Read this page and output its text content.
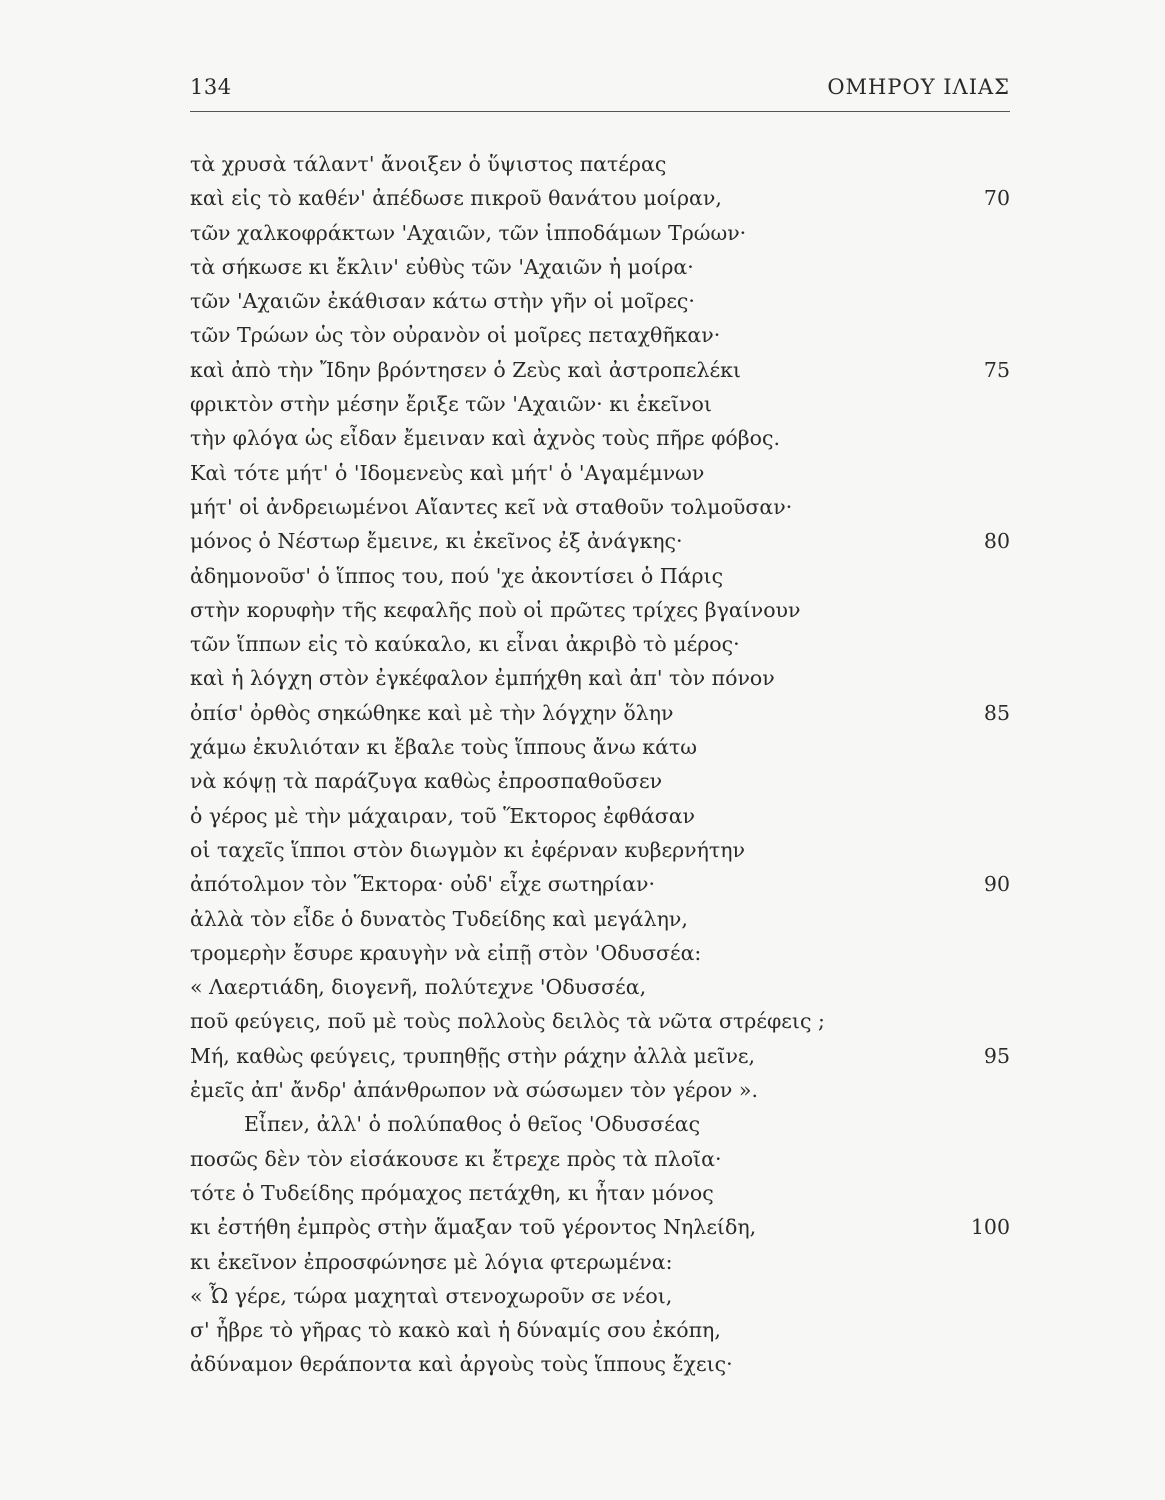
134	ΟΜΗΡΟΥ ΙΛΙΑΣ
τὰ χρυσὰ τάλαντ' ἄνοιξεν ὁ ὕψιστος πατέρας
καὶ εἰς τὸ καθέν' ἀπέδωσε πικροῦ θανάτου μοίραν,	70
τῶν χαλκοφράκτων 'Αχαιῶν, τῶν ἱπποδάμων Τρώων·
τὰ σήκωσε κι ἔκλιν' εὐθὺς τῶν 'Αχαιῶν ἡ μοίρα·
τῶν 'Αχαιῶν ἐκάθισαν κάτω στὴν γῆν οἱ μοῖρες·
τῶν Τρώων ὡς τὸν οὐρανὸν οἱ μοῖρες πεταχθῆκαν·
καὶ ἀπὸ τὴν Ἴδην βρόντησεν ὁ Ζεὺς καὶ ἀστροπελέκι	75
φρικτὸν στὴν μέσην ἔριξε τῶν 'Αχαιῶν· κι ἐκεῖνοι
τὴν φλόγα ὡς εἶδαν ἔμειναν καὶ ἀχνὸς τοὺς πῆρε φόβος.
Καὶ τότε μήτ' ὁ 'Ιδομενεὺς καὶ μήτ' ὁ 'Αγαμέμνων
μήτ' οἱ ἀνδρειωμένοι Αἴαντες κεῖ νὰ σταθοῦν τολμοῦσαν·
μόνος ὁ Νέστωρ ἔμεινε, κι ἐκεῖνος ἐξ ἀνάγκης·	80
ἀδημονοῦσ' ὁ ἵππος του, πού 'χε ἀκοντίσει ὁ Πάρις
στὴν κορυφὴν τῆς κεφαλῆς ποὺ οἱ πρῶτες τρίχες βγαίνουν
τῶν ἵππων εἰς τὸ καύκαλο, κι εἶναι ἀκριβὸ τὸ μέρος·
καὶ ἡ λόγχη στὸν ἐγκέφαλον ἐμπήχθη καὶ ἀπ' τὸν πόνον
ὀπίσ' ὀρθὸς σηκώθηκε καὶ μὲ τὴν λόγχην ὅλην	85
χάμω ἐκυλιόταν κι ἔβαλε τοὺς ἵππους ἄνω κάτω
νὰ κόψῃ τὰ παράζυγα καθὼς ἐπροσπαθοῦσεν
ὁ γέρος μὲ τὴν μάχαιραν, τοῦ Ἕκτορος ἐφθάσαν
οἱ ταχεῖς ἵπποι στὸν διωγμὸν κι ἐφέρναν κυβερνήτην
ἀπότολμον τὸν Ἕκτορα· οὐδ' εἶχε σωτηρίαν·	90
ἀλλὰ τὸν εἶδε ὁ δυνατὸς Τυδείδης καὶ μεγάλην,
τρομερὴν ἔσυρε κραυγὴν νὰ εἰπῇ στὸν 'Οδυσσέα:
« Λαερτιάδη, διογενῆ, πολύτεχνε 'Οδυσσέα,
ποῦ φεύγεις, ποῦ μὲ τοὺς πολλοὺς δειλὸς τὰ νῶτα στρέφεις ;
Μή, καθὼς φεύγεις, τρυπηθῇς στὴν ράχην ἀλλὰ μεῖνε,	95
ἐμεῖς ἀπ' ἄνδρ' ἀπάνθρωπον νὰ σώσωμεν τὸν γέρον ».
Εἶπεν, ἀλλ' ὁ πολύπαθος ὁ θεῖος 'Οδυσσέας
ποσῶς δὲν τὸν εἰσάκουσε κι ἔτρεχε πρὸς τὰ πλοῖα·
τότε ὁ Τυδείδης πρόμαχος πετάχθη, κι ἦταν μόνος
κι ἐστήθη ἐμπρὸς στὴν ἅμαξαν τοῦ γέροντος Νηλείδη,	100
κι ἐκεῖνον ἐπροσφώνησε μὲ λόγια φτερωμένα:
« Ὦ γέρε, τώρα μαχηταὶ στενοχωροῦν σε νέοι,
σ' ἦβρε τὸ γῆρας τὸ κακὸ καὶ ἡ δύναμίς σου ἐκόπη,
ἀδύναμον θεράποντα καὶ ἀργοὺς τοὺς ἵππους ἔχεις·
